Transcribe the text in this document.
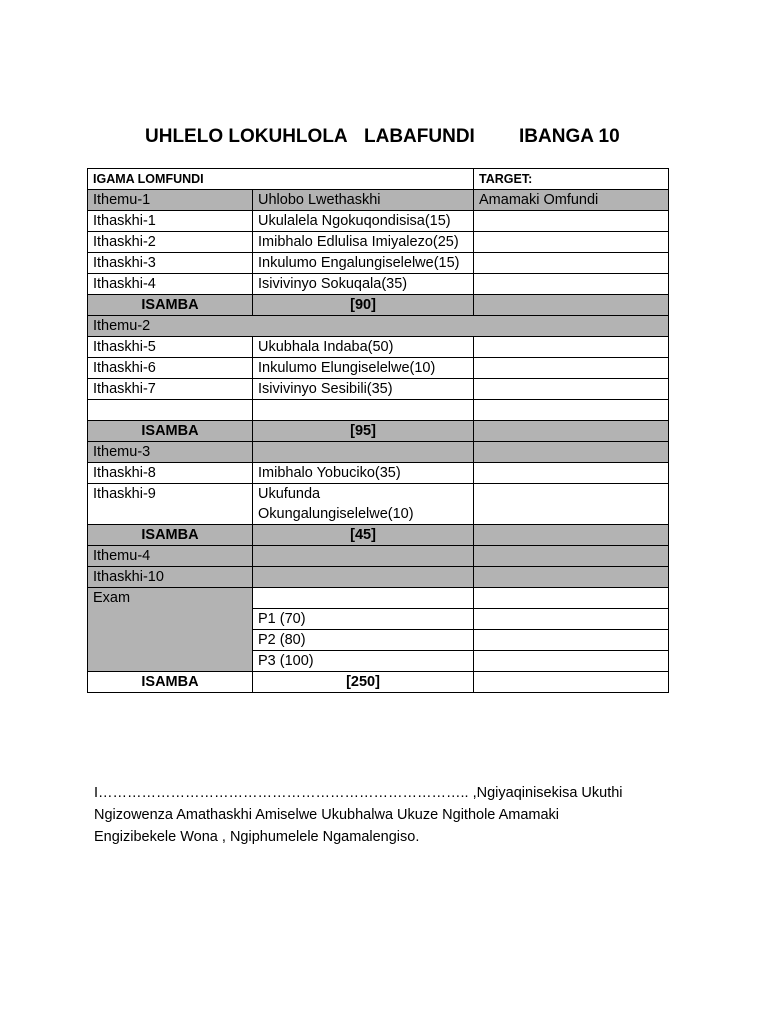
UHLELO LOKUHLOLA LABAFUNDI IBANGA 10
IGAMA LOMFUNDI		TARGET:
Ithemu-1	Uhlobo Lwethaskhi	Amamaki Omfundi
Ithaskhi-1	Ukulalela Ngokuqondisisa(15)	
Ithaskhi-2	Imibhalo Edlulisa Imiyalezo(25)	
Ithaskhi-3	Inkulumo Engalungiselelwe(15)	
Ithaskhi-4	Isivivinyo Sokuqala(35)	
ISAMBA	[90]	
Ithemu-2		
Ithaskhi-5	Ukubhala Indaba(50)	
Ithaskhi-6	Inkulumo Elungiselelwe(10)	
Ithaskhi-7	Isivivinyo Sesibili(35)	

ISAMBA	[95]	
Ithemu-3		
Ithaskhi-8	Imibhalo Yobuciko(35)	
Ithaskhi-9	Ukufunda Okungalungiselelwe(10)	
ISAMBA	[45]	
Ithemu-4		
Ithaskhi-10		
Exam		
	P1 (70)	
	P2 (80)	
	P3 (100)	
ISAMBA	[250]	

I………………………………………………………………….. ,Ngiyaqinisekisa Ukuthi
Ngizowenza Amathaskhi Amiselwe Ukubhalwa Ukuze Ngithole Amamaki
Engizibekele Wona , Ngiphumelele Ngamalengiso.
